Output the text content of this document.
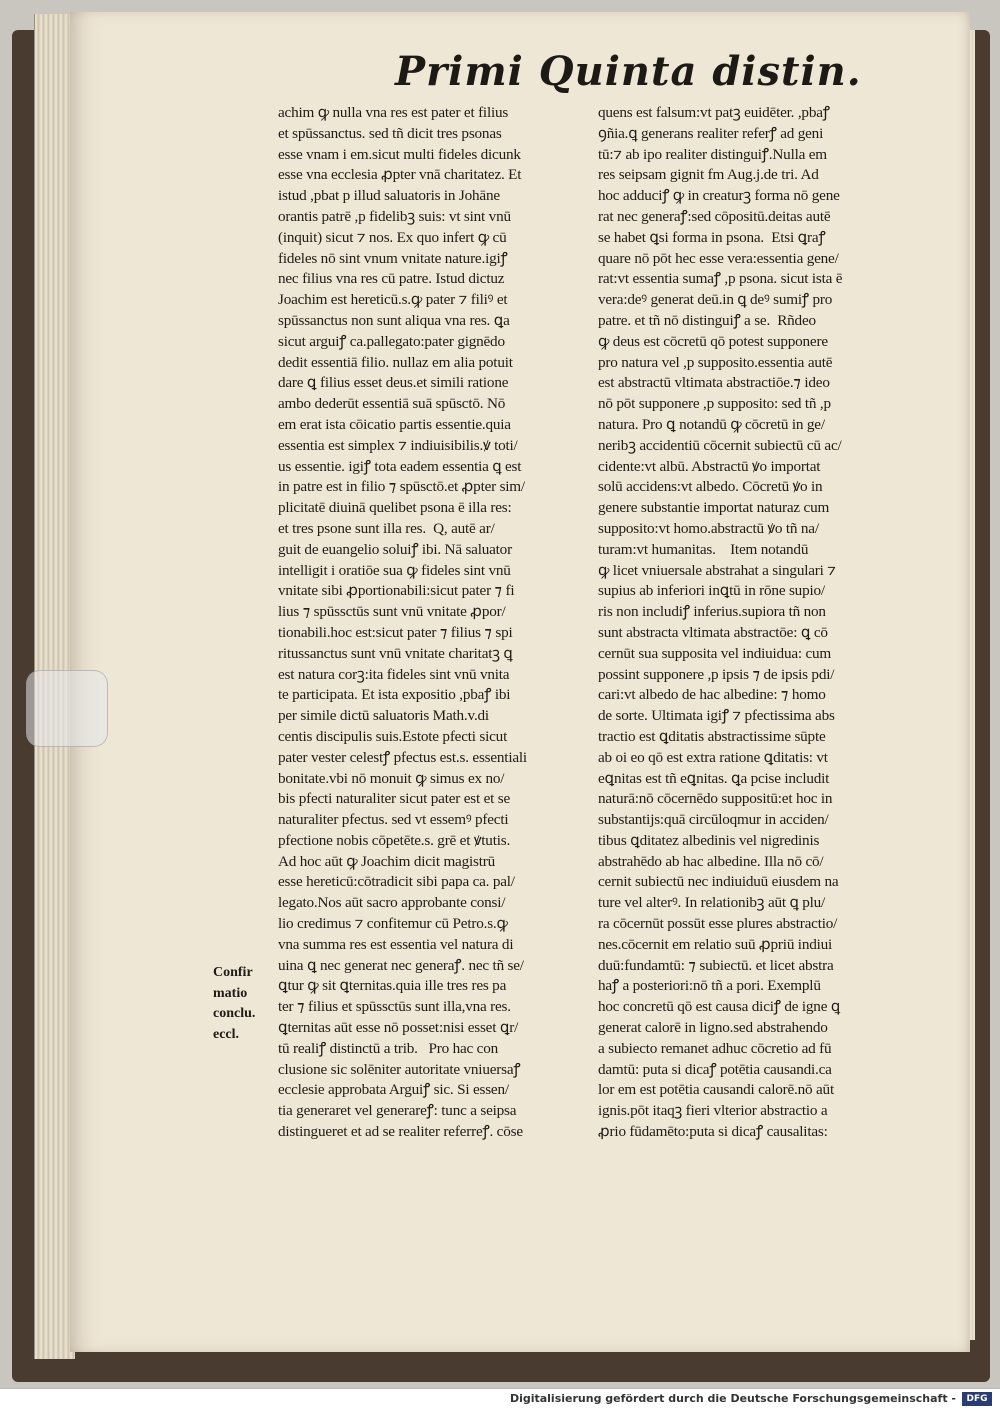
Primi Quinta distin.
achim ꝙ nulla vna res est pater et filius
et spūssanctus. sed tñ dicit tres psonas
esse vnam i em.sicut multi fideles dicunk
esse vna ecclesia ꝓpter vnā charitatez. Et
istud ,pbat p illud saluatoris in Johāne
orantis patrē ,p fidelibꝫ suis: vt sint vnū
(inquit) sicut ⁊ nos. Ex quo infert ꝙ cū
fideles nō sint vnum vnitate nature.igiꝭ
nec filius vna res cū patre. Istud dictuz
Joachim est hereticū.s.ꝙ pater ⁊ filiꝰ et
spūssanctus non sunt aliqua vna res. ꝗa
sicut arguiꝭ ca.pallegato:pater gignēdo
dedit essentiā filio. nullaz em alia potuit
dare ꝗ filius esset deus.et simili ratione
ambo dederūt essentiā suā spūsctō. Nō
em erat ista cōicatio partis essentie.quia
essentia est simplex ⁊ indiuisibilis.ꝟ toti/
us essentie. igiꝭ tota eadem essentia ꝗ est
in patre est in filio ⁊ spūsctō.et ꝓpter sim/
plicitatē diuinā quelibet psona ē illa res:
et tres psone sunt illa res.  Q, autē ar/
guit de euangelio soluiꝭ ibi. Nā saluator
intelligit i oratiōe sua ꝙ fideles sint vnū
vnitate sibi ꝓportionabili:sicut pater ⁊ fi
lius ⁊ spūssctūs sunt vnū vnitate ꝓpor/
tionabili.hoc est:sicut pater ⁊ filius ⁊ spi
ritussanctus sunt vnū vnitate charitatꝫ ꝗ
est natura corꝫ:ita fideles sint vnū vnita
te participata. Et ista expositio ,pbaꝭ ibi
per simile dictū saluatoris Math.v.di
centis discipulis suis.Estote pfecti sicut
pater vester celestꝭ pfectus est.s. essentiali
bonitate.vbi nō monuit ꝙ simus ex no/
bis pfecti naturaliter sicut pater est et se
naturaliter pfectus. sed vt essemꝰ pfecti
pfectione nobis cōpetēte.s. grē et ꝟtutis.
Ad hoc aūt ꝙ Joachim dicit magistrū
esse hereticū:cōtradicit sibi papa ca. pal/
legato.Nos aūt sacro approbante consi/
lio credimus ⁊ confitemur cū Petro.s.ꝙ
vna summa res est essentia vel natura di
uina ꝗ nec generat nec generaꝭ. nec tñ se/
ꝗtur ꝙ sit ꝗternitas.quia ille tres res pa
ter ⁊ filius et spūssctūs sunt illa,vna res.
ꝗternitas aūt esse nō posset:nisi esset ꝗr/
tū realiꝭ distinctū a trib.   Pro hac con
clusione sic solēniter autoritate vniuersaꝭ
ecclesie approbata Arguiꝭ sic. Si essen/
tia generaret vel generareꝭ: tunc a seipsa
distingueret et ad se realiter referreꝭ. cōse
quens est falsum:vt patꝫ euidēter. ,pbaꝭ
ꝯñia.ꝗ generans realiter referꝭ ad geni
tū:⁊ ab ipo realiter distinguiꝭ.Nulla em
res seipsam gignit fm Aug.j.de tri. Ad
hoc adduciꝭ ꝙ in creaturꝫ forma nō gene
rat nec generaꝭ:sed cōpositū.deitas autē
se habet ꝗsi forma in psona.  Etsi ꝗraꝭ
quare nō pōt hec esse vera:essentia gene/
rat:vt essentia sumaꝭ ,p psona. sicut ista ē
vera:deꝰ generat deū.in ꝗ deꝰ sumiꝭ pro
patre. et tñ nō distinguiꝭ a se.  Rñdeo
ꝙ deus est cōcretū qō potest supponere
pro natura vel ,p supposito.essentia autē
est abstractū vltimata abstractiōe.⁊ ideo
nō pōt supponere ,p supposito: sed tñ ,p
natura. Pro ꝗ notandū ꝙ cōcretū in ge/
neribꝫ accidentiū cōcernit subiectū cū ac/
cidente:vt albū. Abstractū ꝟo importat
solū accidens:vt albedo. Cōcretū ꝟo in
genere substantie importat naturaz cum
supposito:vt homo.abstractū ꝟo tñ na/
turam:vt humanitas.    Item notandū
ꝙ licet vniuersale abstrahat a singulari ⁊
supius ab inferiori inꝗtū in rōne supio/
ris non includiꝭ inferius.supiora tñ non
sunt abstracta vltimata abstractōe: ꝗ cō
cernūt sua supposita vel indiuidua: cum
possint supponere ,p ipsis ⁊ de ipsis pdi/
cari:vt albedo de hac albedine: ⁊ homo
de sorte. Ultimata igiꝭ ⁊ pfectissima abs
tractio est ꝗditatis abstractissime sūpte
ab oi eo qō est extra ratione ꝗditatis: vt
eꝗnitas est tñ eꝗnitas. ꝗa pcise includit
naturā:nō cōcernēdo suppositū:et hoc in
substantijs:quā circūloqmur in acciden/
tibus ꝗditatez albedinis vel nigredinis
abstrahēdo ab hac albedine. Illa nō cō/
cernit subiectū nec indiuiduū eiusdem na
ture vel alterꝰ. In relationibꝫ aūt ꝗ plu/
ra cōcernūt possūt esse plures abstractio/
nes.cōcernit em relatio suū ꝓpriū indiui
duū:fundamtū: ⁊ subiectū. et licet abstra
haꝭ a posteriori:nō tñ a pori. Exemplū
hoc concretū qō est causa diciꝭ de igne ꝗ
generat calorē in ligno.sed abstrahendo
a subiecto remanet adhuc cōcretio ad fū
damtū: puta si dicaꝭ potētia causandi.ca
lor em est potētia causandi calorē.nō aūt
ignis.pōt itaqꝫ fieri vlterior abstractio a
ꝓrio fūdamēto:puta si dicaꝭ causalitas:
Confir
matio
conclu.
eccl.
Digitalisierung gefördert durch die Deutsche Forschungsgemeinschaft -	DFG
